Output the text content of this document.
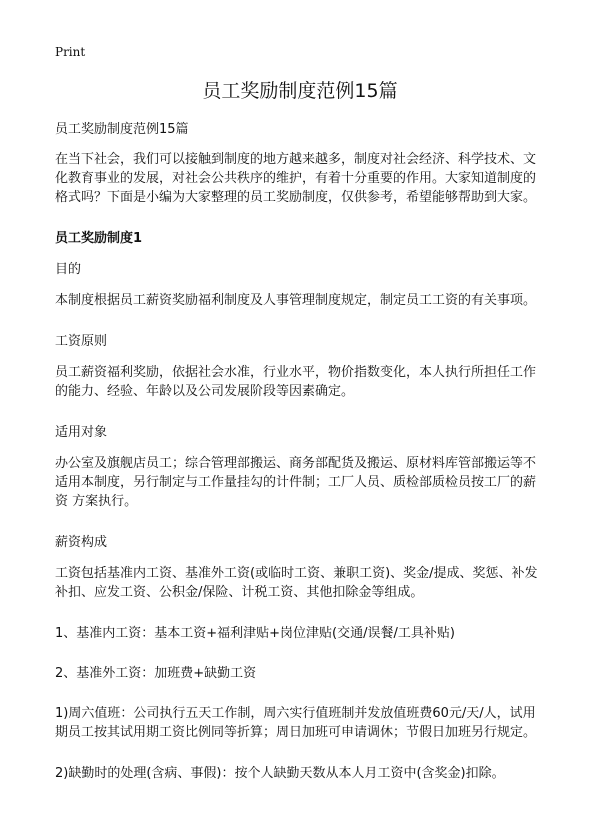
Print
员工奖励制度范例15篇

员工奖励制度范例15篇

在当下社会，我们可以接触到制度的地方越来越多，制度对社会经济、科学技术、文化教育事业的发展，对社会公共秩序的维护，有着十分重要的作用。大家知道制度的格式吗？下面是小编为大家整理的员工奖励制度，仅供参考，希望能够帮助到大家。

员工奖励制度1

目的

本制度根据员工薪资奖励福利制度及人事管理制度规定，制定员工工资的有关事项。

工资原则

员工薪资福利奖励，依据社会水准，行业水平，物价指数变化，本人执行所担任工作的能力、经验、年龄以及公司发展阶段等因素确定。

适用对象

办公室及旗舰店员工；综合管理部搬运、商务部配货及搬运、原材料库管部搬运等不适用本制度，另行制定与工作量挂勾的计件制；工厂人员、质检部质检员按工厂的薪资 方案执行。

薪资构成

工资包括基准内工资、基准外工资(或临时工资、兼职工资)、奖金/提成、奖惩、补发补扣、应发工资、公积金/保险、计税工资、其他扣除金等组成。

1、基准内工资：基本工资+福利津贴+岗位津贴(交通/误餐/工具补贴)

2、基准外工资：加班费+缺勤工资

1)周六值班：公司执行五天工作制，周六实行值班制并发放值班费60元/天/人，试用期员工按其试用期工资比例同等折算；周日加班可申请调休；节假日加班另行规定。

2)缺勤时的处理(含病、事假)：按个人缺勤天数从本人月工资中(含奖金)扣除。
